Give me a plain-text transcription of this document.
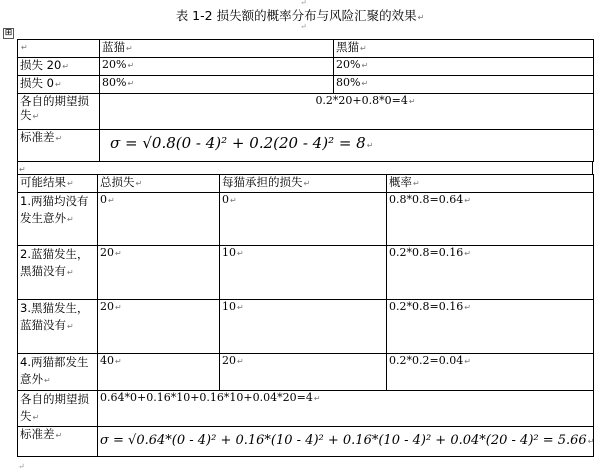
↵
表 1-2 损失额的概率分布与风险汇聚的效果↵
↵
⊞
↵	蓝猫↵	黑猫↵
损失 20↵	20%↵	20%↵
损失 0↵	80%↵	80%↵
各自的期望损失↵	0.2*20+0.8*0=4↵	
标准差↵	σ = √0.8(0 - 4)² + 0.2(20 - 4)² = 8↵	
↵
可能结果↵	总损失↵	每猫承担的损失↵	概率↵
1.两猫均没有发生意外↵	0↵	0↵	0.8*0.8=0.64↵
2.蓝猫发生，黑猫没有↵	20↵	10↵	0.2*0.8=0.16↵
3.黑猫发生，蓝猫没有↵	20↵	10↵	0.2*0.8=0.16↵
4.两猫都发生意外↵	40↵	20↵	0.2*0.2=0.04↵
各自的期望损失↵	0.64*0+0.16*10+0.16*10+0.04*20=4↵		
标准差↵	σ = √0.64*(0 - 4)² + 0.16*(10 - 4)² + 0.16*(10 - 4)² + 0.04*(20 - 4)² = 5.66↵		
↵
